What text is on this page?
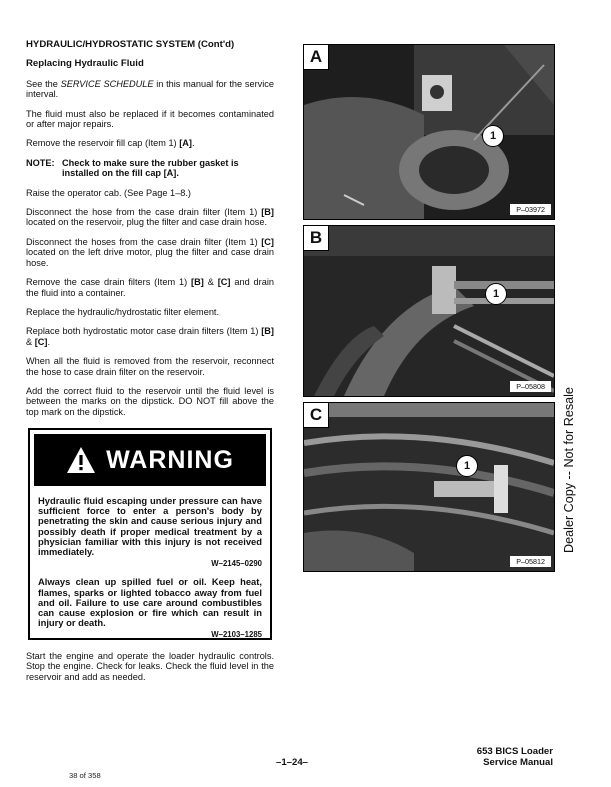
HYDRAULIC/HYDROSTATIC SYSTEM (Cont'd)
Replacing Hydraulic Fluid

See the SERVICE SCHEDULE in this manual for the service interval.

The fluid must also be replaced if it becomes contaminated or after major repairs.

Remove the reservoir fill cap (Item 1) [A].

NOTE: Check to make sure the rubber gasket is installed on the fill cap [A].

Raise the operator cab. (See Page 1–8.)

Disconnect the hose from the case drain filter (Item 1) [B] located on the reservoir, plug the filter and case drain hose.

Disconnect the hoses from the case drain filter (Item 1) [C] located on the left drive motor, plug the filter and case drain hose.

Remove the case drain filters (Item 1) [B] & [C] and drain the fluid into a container.

Replace the hydraulic/hydrostatic filter element.

Replace both hydrostatic motor case drain filters (Item 1) [B] & [C].

When all the fluid is removed from the reservoir, reconnect the hose to case drain filter on the reservoir.

Add the correct fluid to the reservoir until the fluid level is between the marks on the dipstick. DO NOT fill above the top mark on the dipstick.

WARNING

Hydraulic fluid escaping under pressure can have sufficient force to enter a person's body by penetrating the skin and cause serious injury and possibly death if proper medical treatment by a physician familiar with this injury is not received immediately.

W–2145–0290

Always clean up spilled fuel or oil. Keep heat, flames, sparks or lighted tobacco away from fuel and oil. Failure to use care around combustibles can cause explosion or fire which can result in injury or death.

W–2103–1285
Start the engine and operate the loader hydraulic controls. Stop the engine. Check for leaks. Check the fluid level in the reservoir and add as needed.
A
1
P–03972
B
1
P–05808
C
1
P–05812
Dealer Copy -- Not for Resale
653 BICS Loader
Service Manual
–1–24–
38 of 358
